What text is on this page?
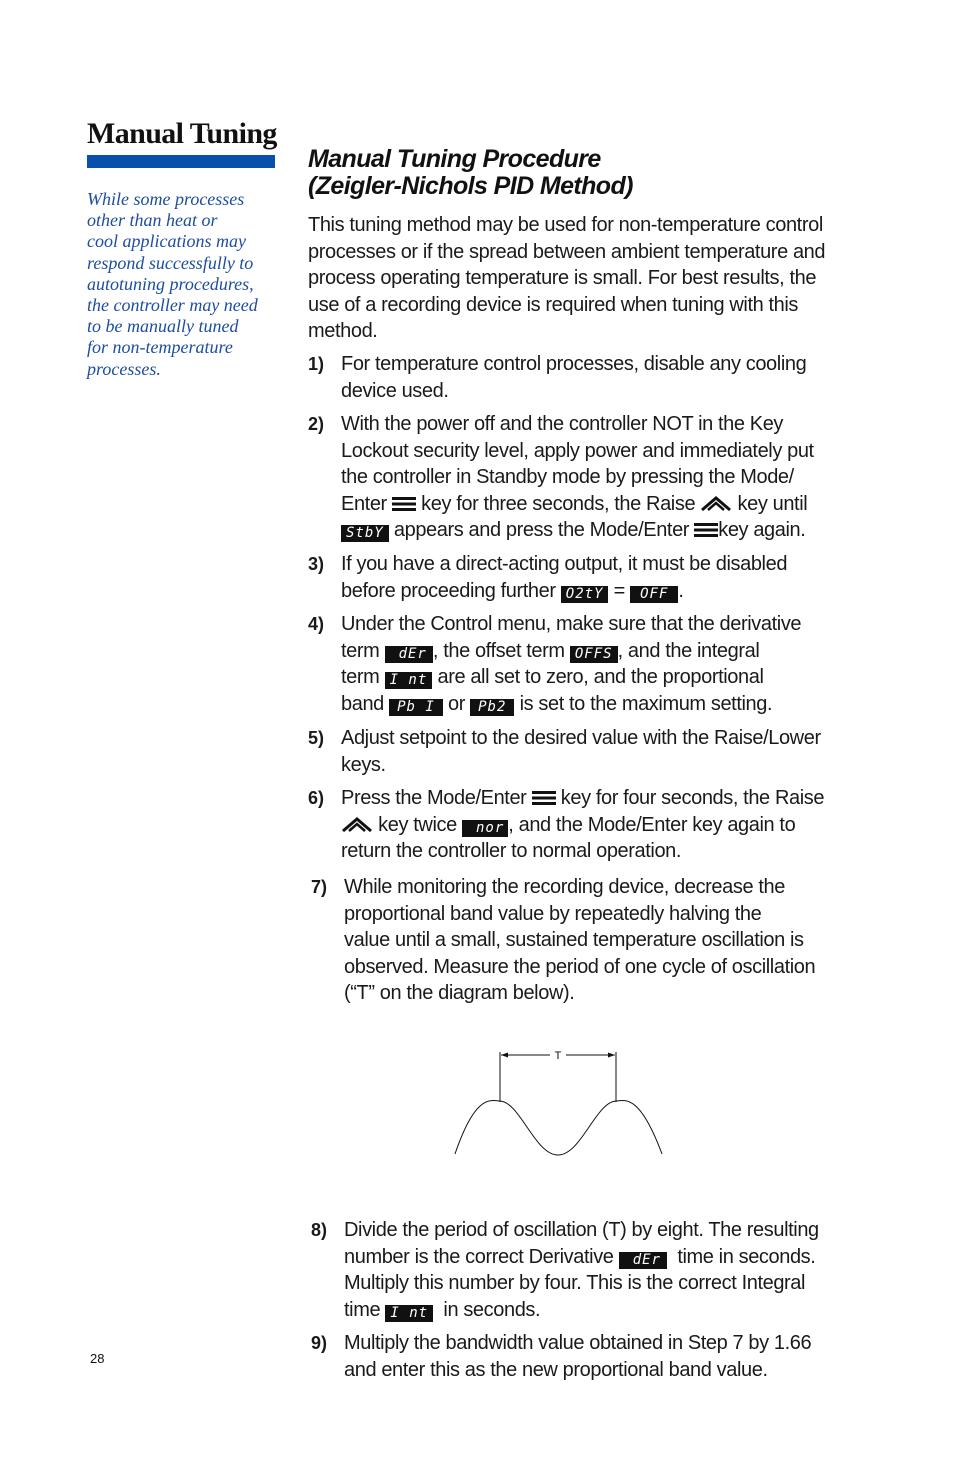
Manual Tuning
While some processes
other than heat or
cool applications may
respond successfully to
autotuning procedures,
the controller may need
to be manually tuned
for non-temperature
processes.
Manual Tuning Procedure
(Zeigler-Nichols PID Method)
This tuning method may be used for non-temperature control
processes or if the spread between ambient temperature and
process operating temperature is small. For best results, the
use of a recording device is required when tuning with this
method.
1) For temperature control processes, disable any cooling
device used.
2) With the power off and the controller NOT in the Key
Lockout security level, apply power and immediately put
the controller in Standby mode by pressing the Mode/
Enter key for three seconds, the Raise key until
StbY appears and press the Mode/Enter key again.
3) If you have a direct-acting output, it must be disabled
before proceeding further O2tY = OFF .
4) Under the Control menu, make sure that the derivative
term dEr , the offset term OFFS , and the integral
term I nt are all set to zero, and the proportional
band Pb I or Pb2 is set to the maximum setting.
5) Adjust setpoint to the desired value with the Raise/Lower
keys.
6) Press the Mode/Enter key for four seconds, the Raise
key twice nor , and the Mode/Enter key again to
return the controller to normal operation.
7) While monitoring the recording device, decrease the
proportional band value by repeatedly halving the
value until a small, sustained temperature oscillation is
observed. Measure the period of one cycle of oscillation
(“T” on the diagram below).
T
8) Divide the period of oscillation (T) by eight. The resulting
number is the correct Derivative dEr time in seconds.
Multiply this number by four. This is the correct Integral
time I nt in seconds.
9) Multiply the bandwidth value obtained in Step 7 by 1.66
and enter this as the new proportional band value.
28
